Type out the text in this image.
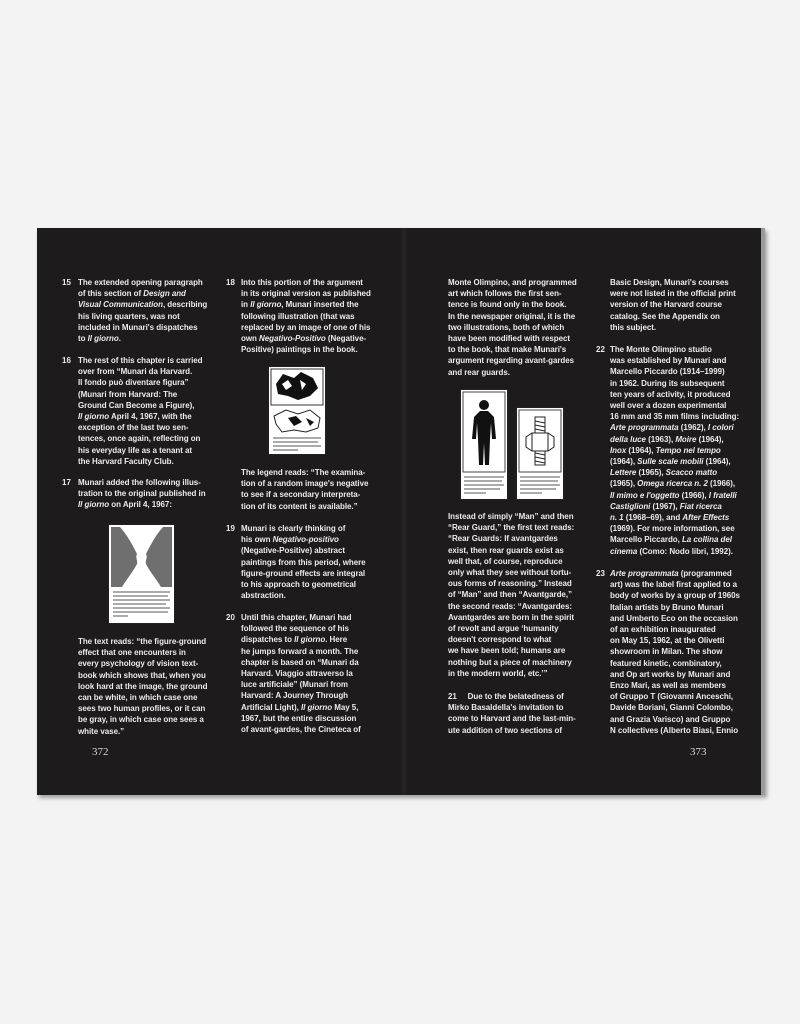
15 The extended opening paragraph
of this section of Design and
Visual Communication, describing
his living quarters, was not
included in Munari's dispatches
to Il giorno.
16 The rest of this chapter is carried
over from “Munari da Harvard.
Il fondo può diventare figura”
(Munari from Harvard: The
Ground Can Become a Figure),
Il giorno April 4, 1967, with the
exception of the last two sen-
tences, once again, reflecting on
his everyday life as a tenant at
the Harvard Faculty Club.
17 Munari added the following illus-
tration to the original published in
Il giorno on April 4, 1967:
The text reads: “the figure-ground
effect that one encounters in
every psychology of vision text-
book which shows that, when you
look hard at the image, the ground
can be white, in which case one
sees two human profiles, or it can
be gray, in which case one sees a
white vase.”
372
18 Into this portion of the argument
in its original version as published
in Il giorno, Munari inserted the
following illustration (that was
replaced by an image of one of his
own Negativo-Positivo (Negative-
Positive) paintings in the book.
The legend reads: “The examina-
tion of a random image's negative
to see if a secondary interpreta-
tion of its content is available.”
19 Munari is clearly thinking of
his own Negativo-positivo
(Negative-Positive) abstract
paintings from this period, where
figure-ground effects are integral
to his approach to geometrical
abstraction.
20 Until this chapter, Munari had
followed the sequence of his
dispatches to Il giorno. Here
he jumps forward a month. The
chapter is based on “Munari da
Harvard. Viaggio attraverso la
luce artificiale” (Munari from
Harvard: A Journey Through
Artificial Light), Il giorno May 5,
1967, but the entire discussion
of avant-gardes, the Cineteca of
Monte Olimpino, and programmed
art which follows the first sen-
tence is found only in the book.
In the newspaper original, it is the
two illustrations, both of which
have been modified with respect
to the book, that make Munari's
argument regarding avant-gardes
and rear guards.
Instead of simply “Man” and then
“Rear Guard,” the first text reads:
“Rear Guards: If avantgardes
exist, then rear guards exist as
well that, of course, reproduce
only what they see without tortu-
ous forms of reasoning.” Instead
of “Man” and then “Avantgarde,”
the second reads: “Avantgardes:
Avantgardes are born in the spirit
of revolt and argue ‘humanity
doesn't correspond to what
we have been told; humans are
nothing but a piece of machinery
in the modern world, etc.’”
21     Due to the belatedness of
Mirko Basaldella's invitation to
come to Harvard and the last-min-
ute addition of two sections of
Basic Design, Munari's courses
were not listed in the official print
version of the Harvard course
catalog. See the Appendix on
this subject.
22 The Monte Olimpino studio
was established by Munari and
Marcello Piccardo (1914–1999)
in 1962. During its subsequent
ten years of activity, it produced
well over a dozen experimental
16 mm and 35 mm films including:
Arte programmata (1962), I colori
della luce (1963), Moire (1964),
Inox (1964), Tempo nel tempo
(1964), Sulle scale mobili (1964),
Lettere (1965), Scacco matto
(1965), Omega ricerca n. 2 (1966),
Il mimo e l'oggetto (1966), I fratelli
Castiglioni (1967), Fiat ricerca
n. 1 (1968–69), and After Effects
(1969). For more information, see
Marcello Piccardo, La collina del
cinema (Como: Nodo libri, 1992).
23 Arte programmata (programmed
art) was the label first applied to a
body of works by a group of 1960s
Italian artists by Bruno Munari
and Umberto Eco on the occasion
of an exhibition inaugurated
on May 15, 1962, at the Olivetti
showroom in Milan. The show
featured kinetic, combinatory,
and Op art works by Munari and
Enzo Mari, as well as members
of Gruppo T (Giovanni Anceschi,
Davide Boriani, Gianni Colombo,
and Grazia Varisco) and Gruppo
N collectives (Alberto Biasi, Ennio
373
